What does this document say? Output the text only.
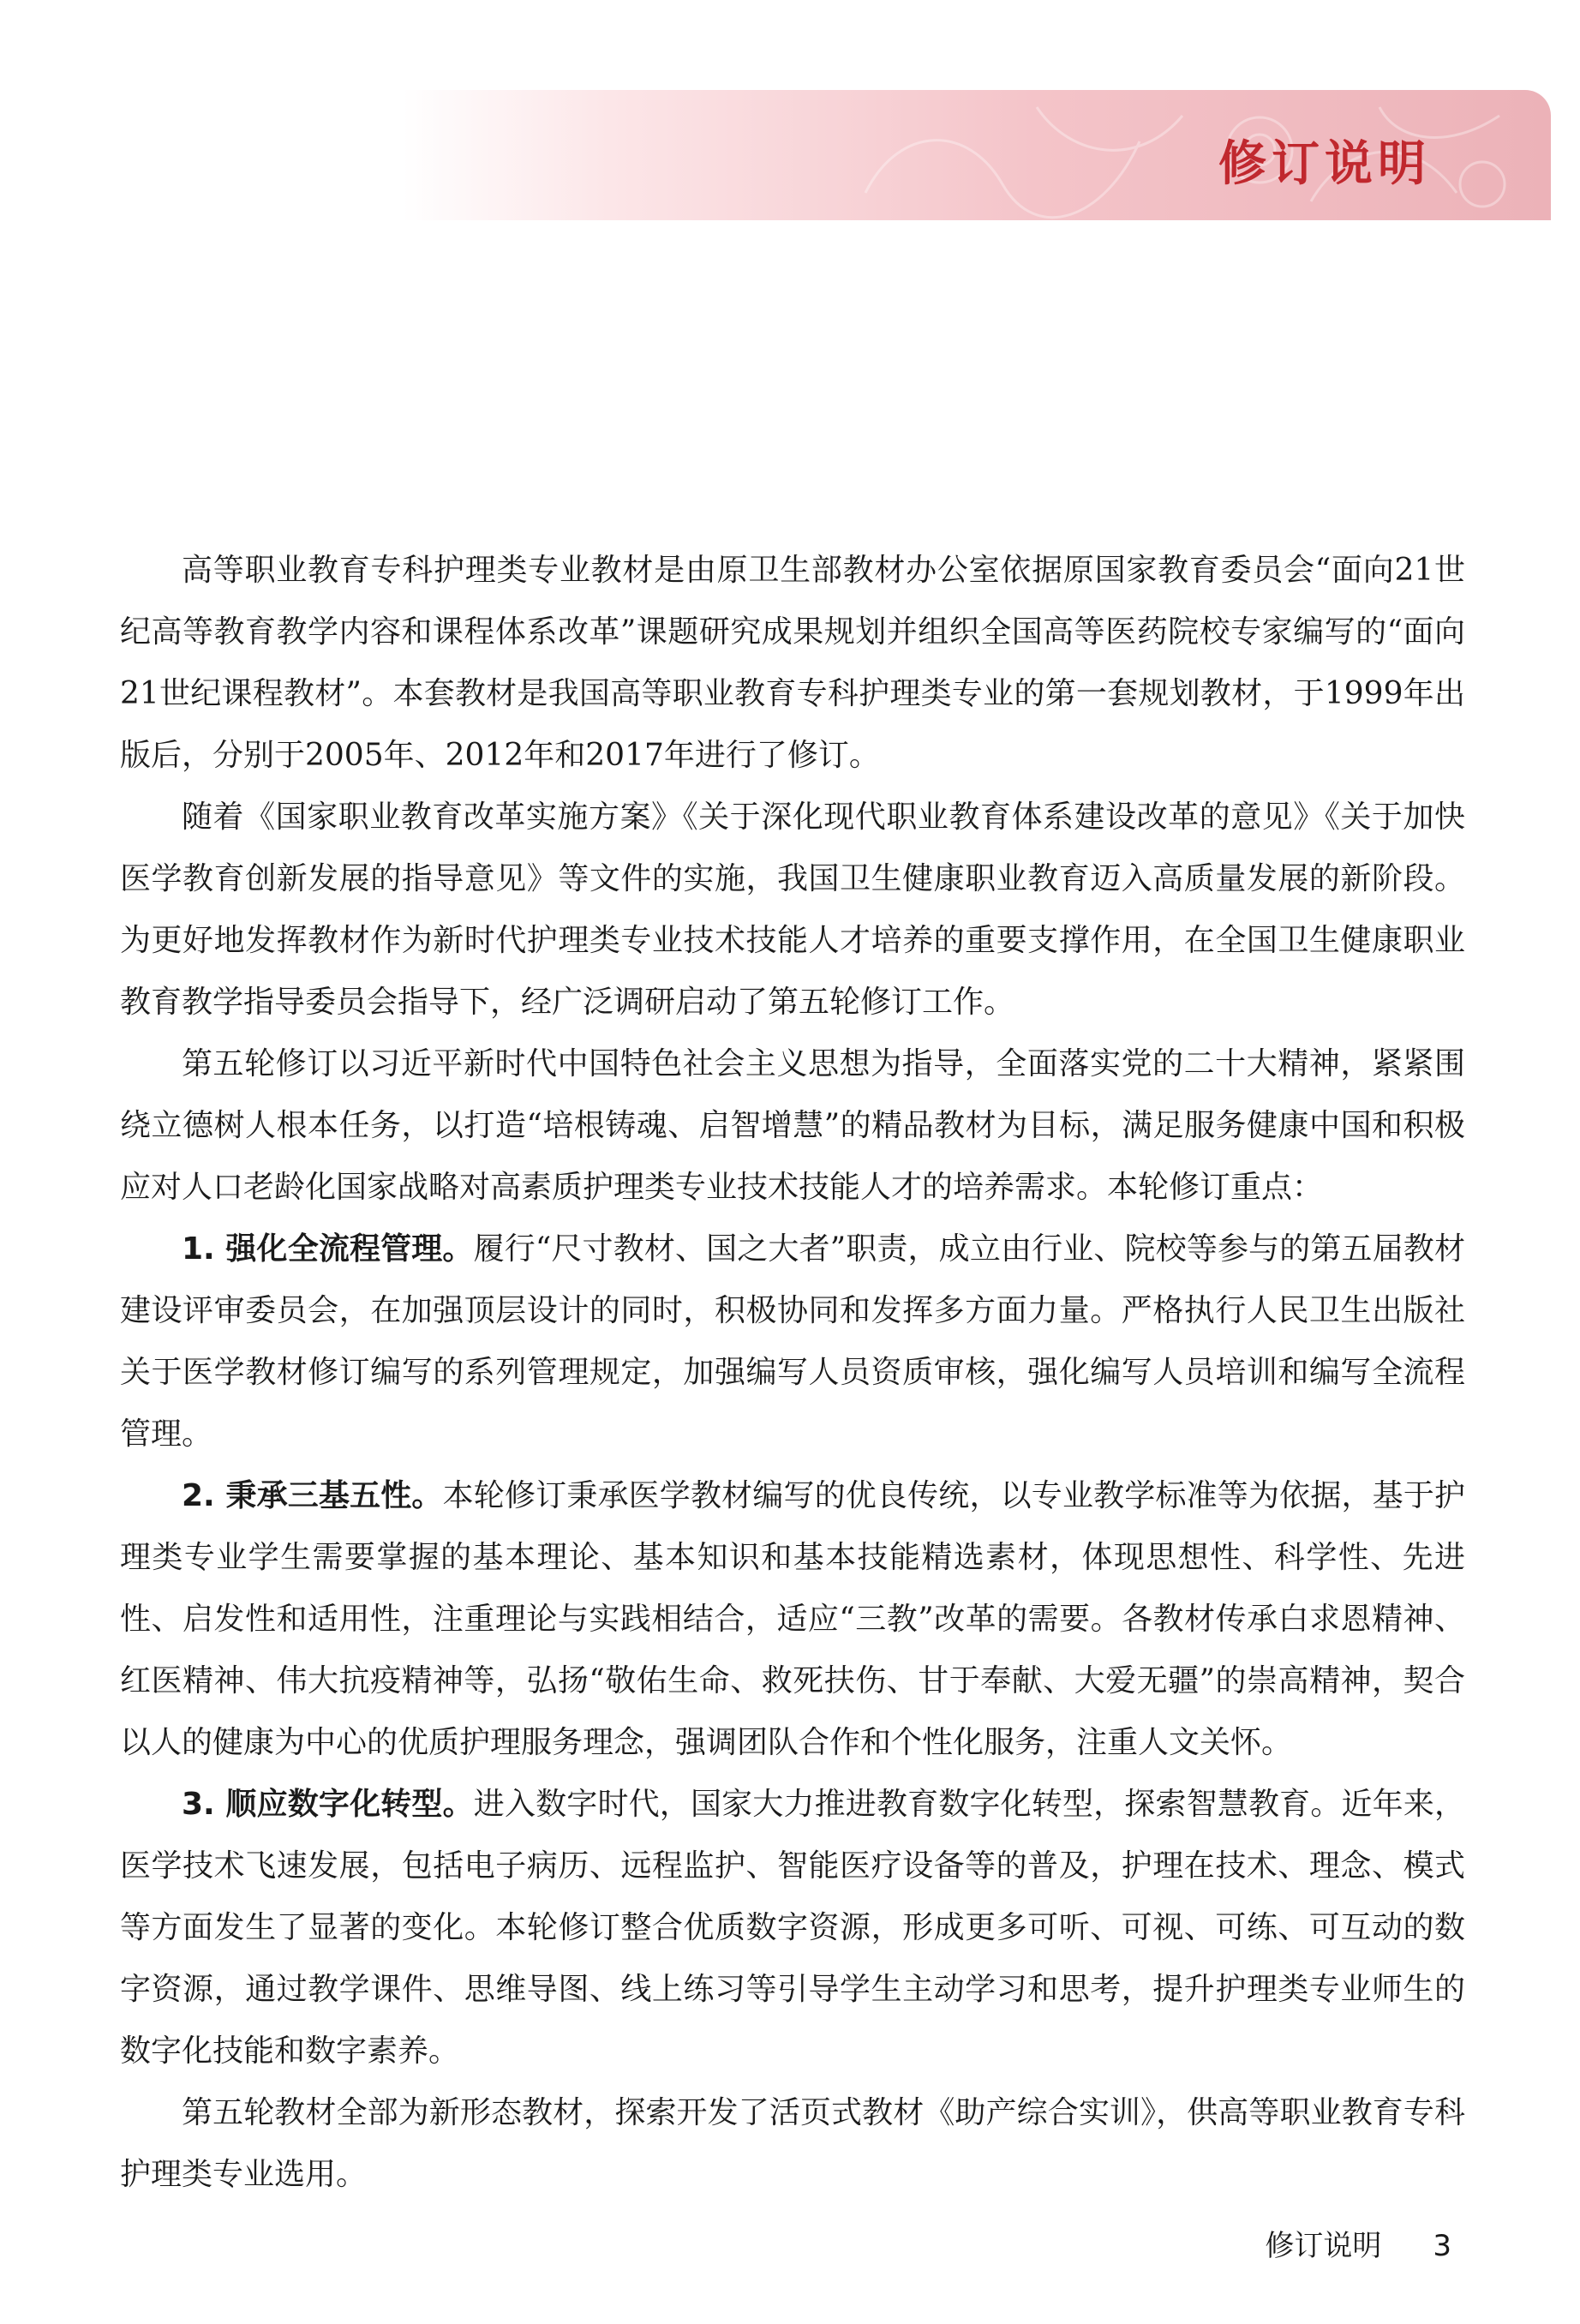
修订说明

高等职业教育专科护理类专业教材是由原卫生部教材办公室依据原国家教育委员会“面向21世纪高等教育教学内容和课程体系改革”课题研究成果规划并组织全国高等医药院校专家编写的“面向21世纪课程教材”。本套教材是我国高等职业教育专科护理类专业的第一套规划教材，于1999年出版后，分别于2005年、2012年和2017年进行了修订。

随着《国家职业教育改革实施方案》《关于深化现代职业教育体系建设改革的意见》《关于加快医学教育创新发展的指导意见》等文件的实施，我国卫生健康职业教育迈入高质量发展的新阶段。为更好地发挥教材作为新时代护理类专业技术技能人才培养的重要支撑作用，在全国卫生健康职业教育教学指导委员会指导下，经广泛调研启动了第五轮修订工作。

第五轮修订以习近平新时代中国特色社会主义思想为指导，全面落实党的二十大精神，紧紧围绕立德树人根本任务，以打造“培根铸魂、启智增慧”的精品教材为目标，满足服务健康中国和积极应对人口老龄化国家战略对高素质护理类专业技术技能人才的培养需求。本轮修订重点：

1. 强化全流程管理。履行“尺寸教材、国之大者”职责，成立由行业、院校等参与的第五届教材建设评审委员会，在加强顶层设计的同时，积极协同和发挥多方面力量。严格执行人民卫生出版社关于医学教材修订编写的系列管理规定，加强编写人员资质审核，强化编写人员培训和编写全流程管理。

2. 秉承三基五性。本轮修订秉承医学教材编写的优良传统，以专业教学标准等为依据，基于护理类专业学生需要掌握的基本理论、基本知识和基本技能精选素材，体现思想性、科学性、先进性、启发性和适用性，注重理论与实践相结合，适应“三教”改革的需要。各教材传承白求恩精神、红医精神、伟大抗疫精神等，弘扬“敬佑生命、救死扶伤、甘于奉献、大爱无疆”的崇高精神，契合以人的健康为中心的优质护理服务理念，强调团队合作和个性化服务，注重人文关怀。

3. 顺应数字化转型。进入数字时代，国家大力推进教育数字化转型，探索智慧教育。近年来，医学技术飞速发展，包括电子病历、远程监护、智能医疗设备等的普及，护理在技术、理念、模式等方面发生了显著的变化。本轮修订整合优质数字资源，形成更多可听、可视、可练、可互动的数字资源，通过教学课件、思维导图、线上练习等引导学生主动学习和思考，提升护理类专业师生的数字化技能和数字素养。

第五轮教材全部为新形态教材，探索开发了活页式教材《助产综合实训》，供高等职业教育专科护理类专业选用。

修订说明 3
